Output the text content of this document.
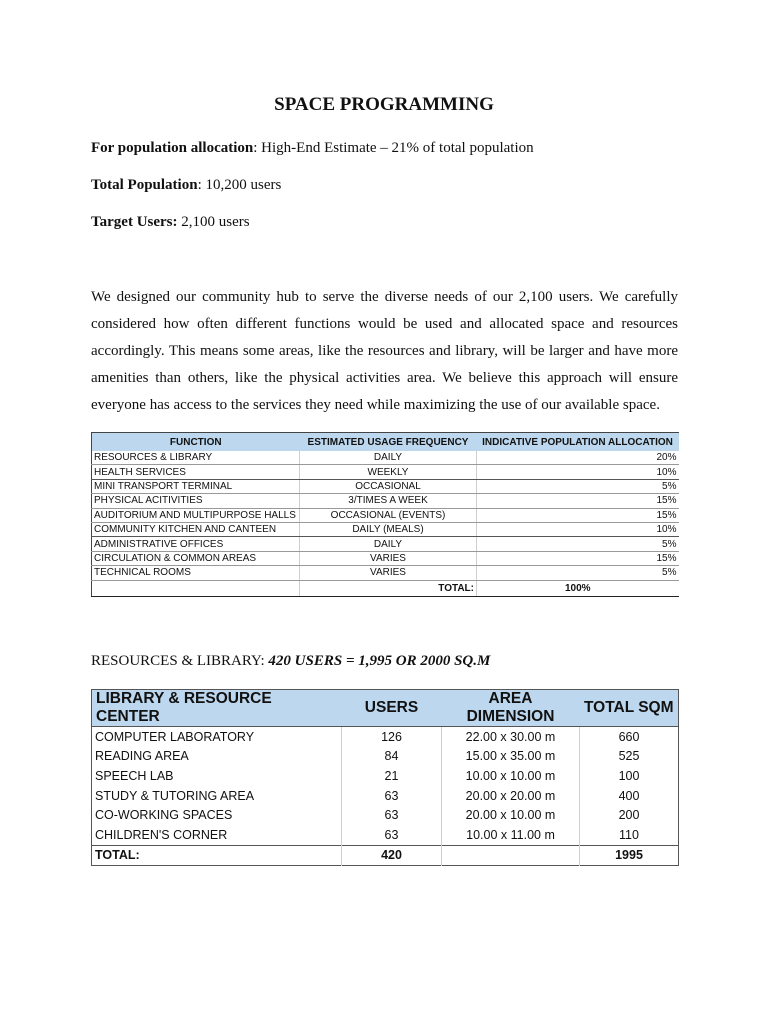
SPACE PROGRAMMING
For population allocation: High-End Estimate – 21% of total population
Total Population: 10,200 users
Target Users: 2,100 users
We designed our community hub to serve the diverse needs of our 2,100 users. We carefully considered how often different functions would be used and allocated space and resources accordingly. This means some areas, like the resources and library, will be larger and have more amenities than others, like the physical activities area. We believe this approach will ensure everyone has access to the services they need while maximizing the use of our available space.
FUNCTION	ESTIMATED USAGE FREQUENCY	INDICATIVE POPULATION ALLOCATION
RESOURCES & LIBRARY	DAILY	20%
HEALTH SERVICES	WEEKLY	10%
MINI TRANSPORT TERMINAL	OCCASIONAL	5%
PHYSICAL ACITIVITIES	3/TIMES A WEEK	15%
AUDITORIUM AND MULTIPURPOSE HALLS	OCCASIONAL (EVENTS)	15%
COMMUNITY KITCHEN AND CANTEEN	DAILY (MEALS)	10%
ADMINISTRATIVE OFFICES	DAILY	5%
CIRCULATION & COMMON AREAS	VARIES	15%
TECHNICAL ROOMS	VARIES	5%
	TOTAL:	100%
RESOURCES & LIBRARY: 420 USERS = 1,995 OR 2000 SQ.M
LIBRARY & RESOURCE CENTER	USERS	AREA DIMENSION	TOTAL SQM
COMPUTER LABORATORY	126	22.00 x 30.00 m	660
READING AREA	84	15.00 x 35.00 m	525
SPEECH LAB	21	10.00 x 10.00 m	100
STUDY & TUTORING AREA	63	20.00 x 20.00 m	400
CO-WORKING SPACES	63	20.00 x 10.00 m	200
CHILDREN'S CORNER	63	10.00 x 11.00 m	110
TOTAL:	420		1995
